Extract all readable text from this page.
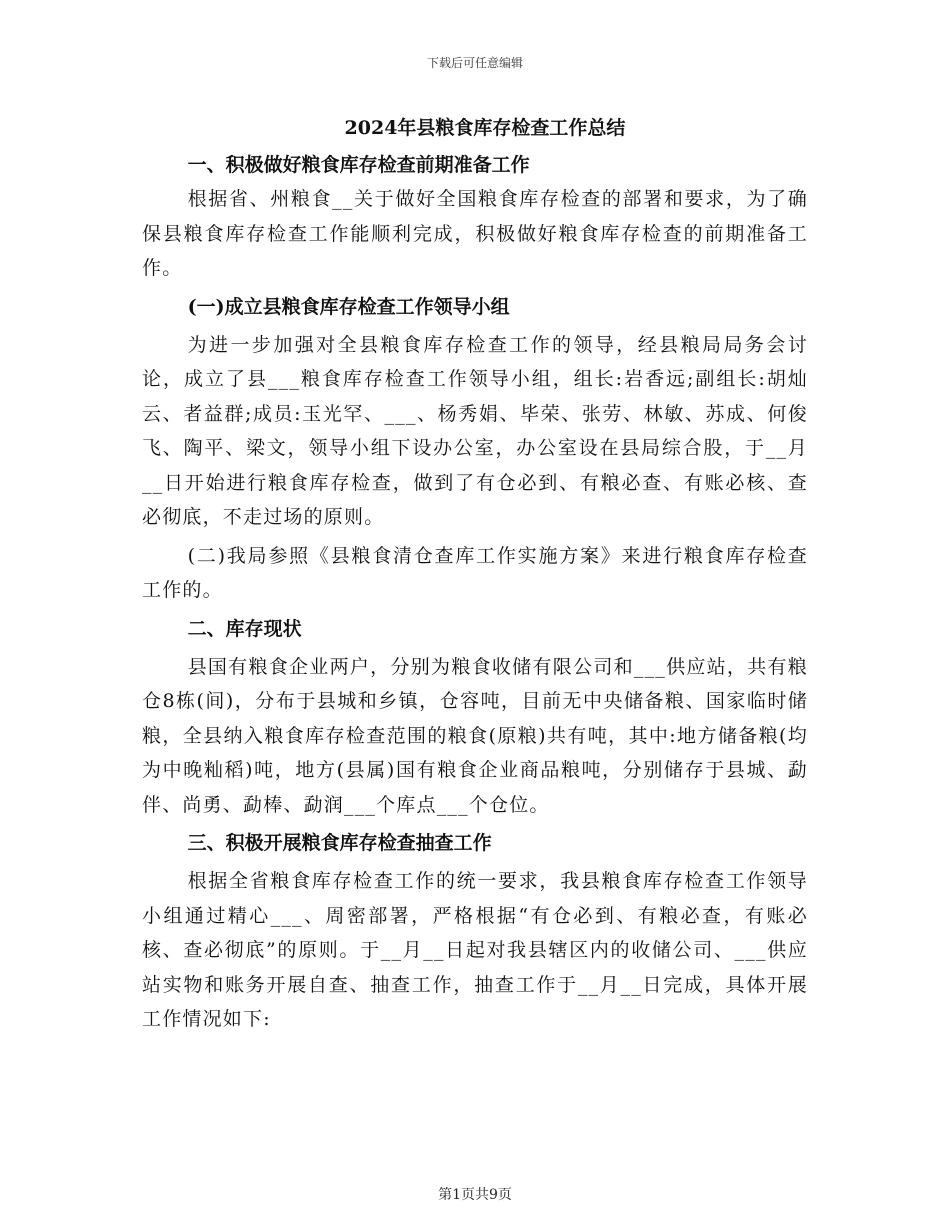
下载后可任意编辑

2024年县粮食库存检查工作总结

一、积极做好粮食库存检查前期准备工作

根据省、州粮食__关于做好全国粮食库存检查的部署和要求，为了确保县粮食库存检查工作能顺利完成，积极做好粮食库存检查的前期准备工作。

(一)成立县粮食库存检查工作领导小组

为进一步加强对全县粮食库存检查工作的领导，经县粮局局务会讨论，成立了县___粮食库存检查工作领导小组，组长:岩香远;副组长:胡灿云、者益群;成员:玉光罕、___、杨秀娟、毕荣、张劳、林敏、苏成、何俊飞、陶平、梁文，领导小组下设办公室，办公室设在县局综合股，于__月__日开始进行粮食库存检查，做到了有仓必到、有粮必查、有账必核、查必彻底，不走过场的原则。

(二)我局参照《县粮食清仓查库工作实施方案》来进行粮食库存检查工作的。

二、库存现状

县国有粮食企业两户，分别为粮食收储有限公司和___供应站，共有粮仓8栋(间)，分布于县城和乡镇，仓容吨，目前无中央储备粮、国家临时储粮，全县纳入粮食库存检查范围的粮食(原粮)共有吨，其中:地方储备粮(均为中晚籼稻)吨，地方(县属)国有粮食企业商品粮吨，分别储存于县城、勐伴、尚勇、勐棒、勐润___个库点___个仓位。

三、积极开展粮食库存检查抽查工作

根据全省粮食库存检查工作的统一要求，我县粮食库存检查工作领导小组通过精心___、周密部署，严格根据“有仓必到、有粮必查，有账必核、查必彻底”的原则。于__月__日起对我县辖区内的收储公司、___供应站实物和账务开展自查、抽查工作，抽查工作于__月__日完成，具体开展工作情况如下:

第1页共9页
